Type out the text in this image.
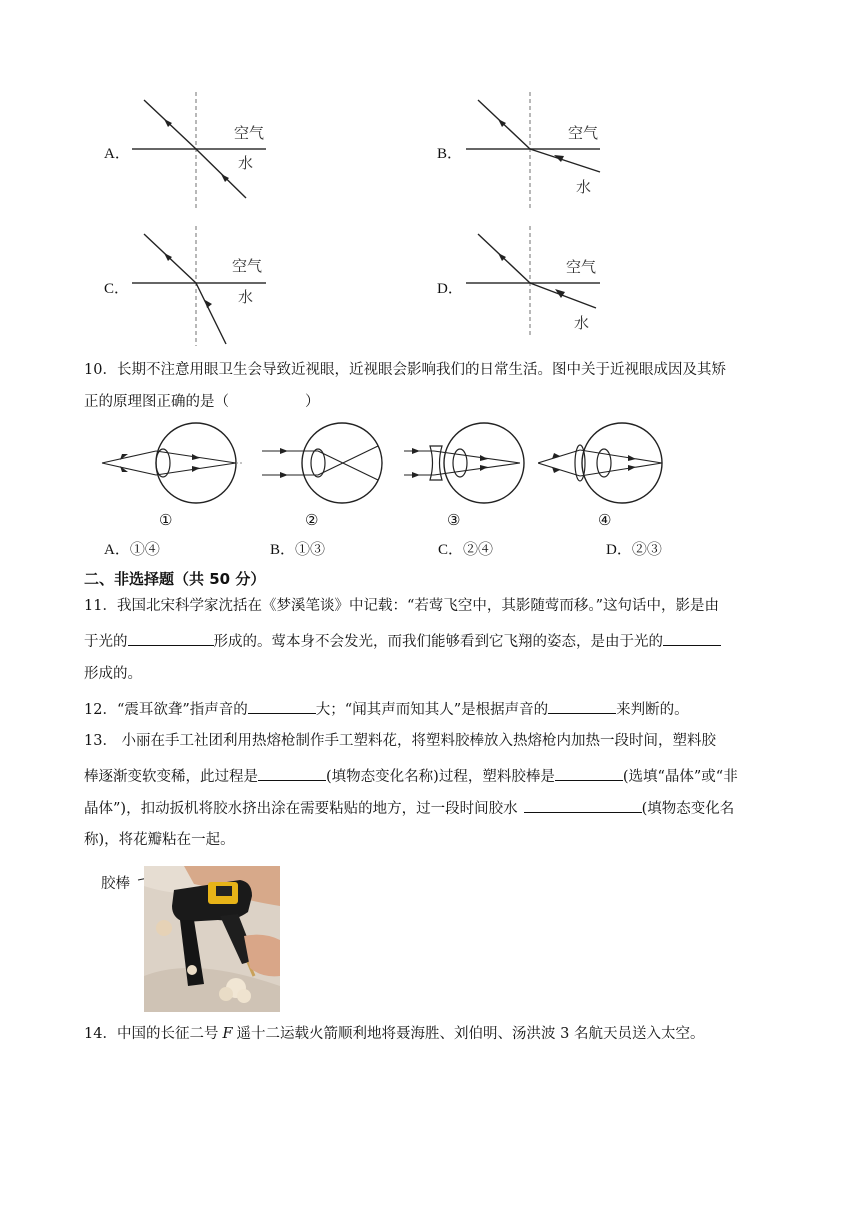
A．
空气
水	B．
空气
水
C．
空气
水	D．
空气
水
10．长期不注意用眼卫生会导致近视眼，近视眼会影响我们的日常生活。图中关于近视眼成因及其矫
正的原理图正确的是（	）
①	②	③	④
A．①④	B．①③	C．②④	D．②③
二、非选择题（共 50 分）
11．我国北宋科学家沈括在《梦溪笔谈》中记载：“若莺飞空中，其影随莺而移。”这句话中，影是由
于光的	形成的。莺本身不会发光，而我们能够看到它飞翔的姿态，是由于光的
形成的。
12．“震耳欲聋”指声音的	大；“闻其声而知其人”是根据声音的	来判断的。
13． 小丽在手工社团利用热熔枪制作手工塑料花，将塑料胶棒放入热熔枪内加热一段时间，塑料胶
棒逐渐变软变稀，此过程是	(填物态变化名称)过程，塑料胶棒是	(选填“晶体”或“非
晶体”)，扣动扳机将胶水挤出涂在需要粘贴的地方，过一段时间胶水	(填物态变化名
称)，将花瓣粘在一起。
胶棒
14．中国的长征二号 F 遥十二运载火箭顺利地将聂海胜、刘伯明、汤洪波 3 名航天员送入太空。
